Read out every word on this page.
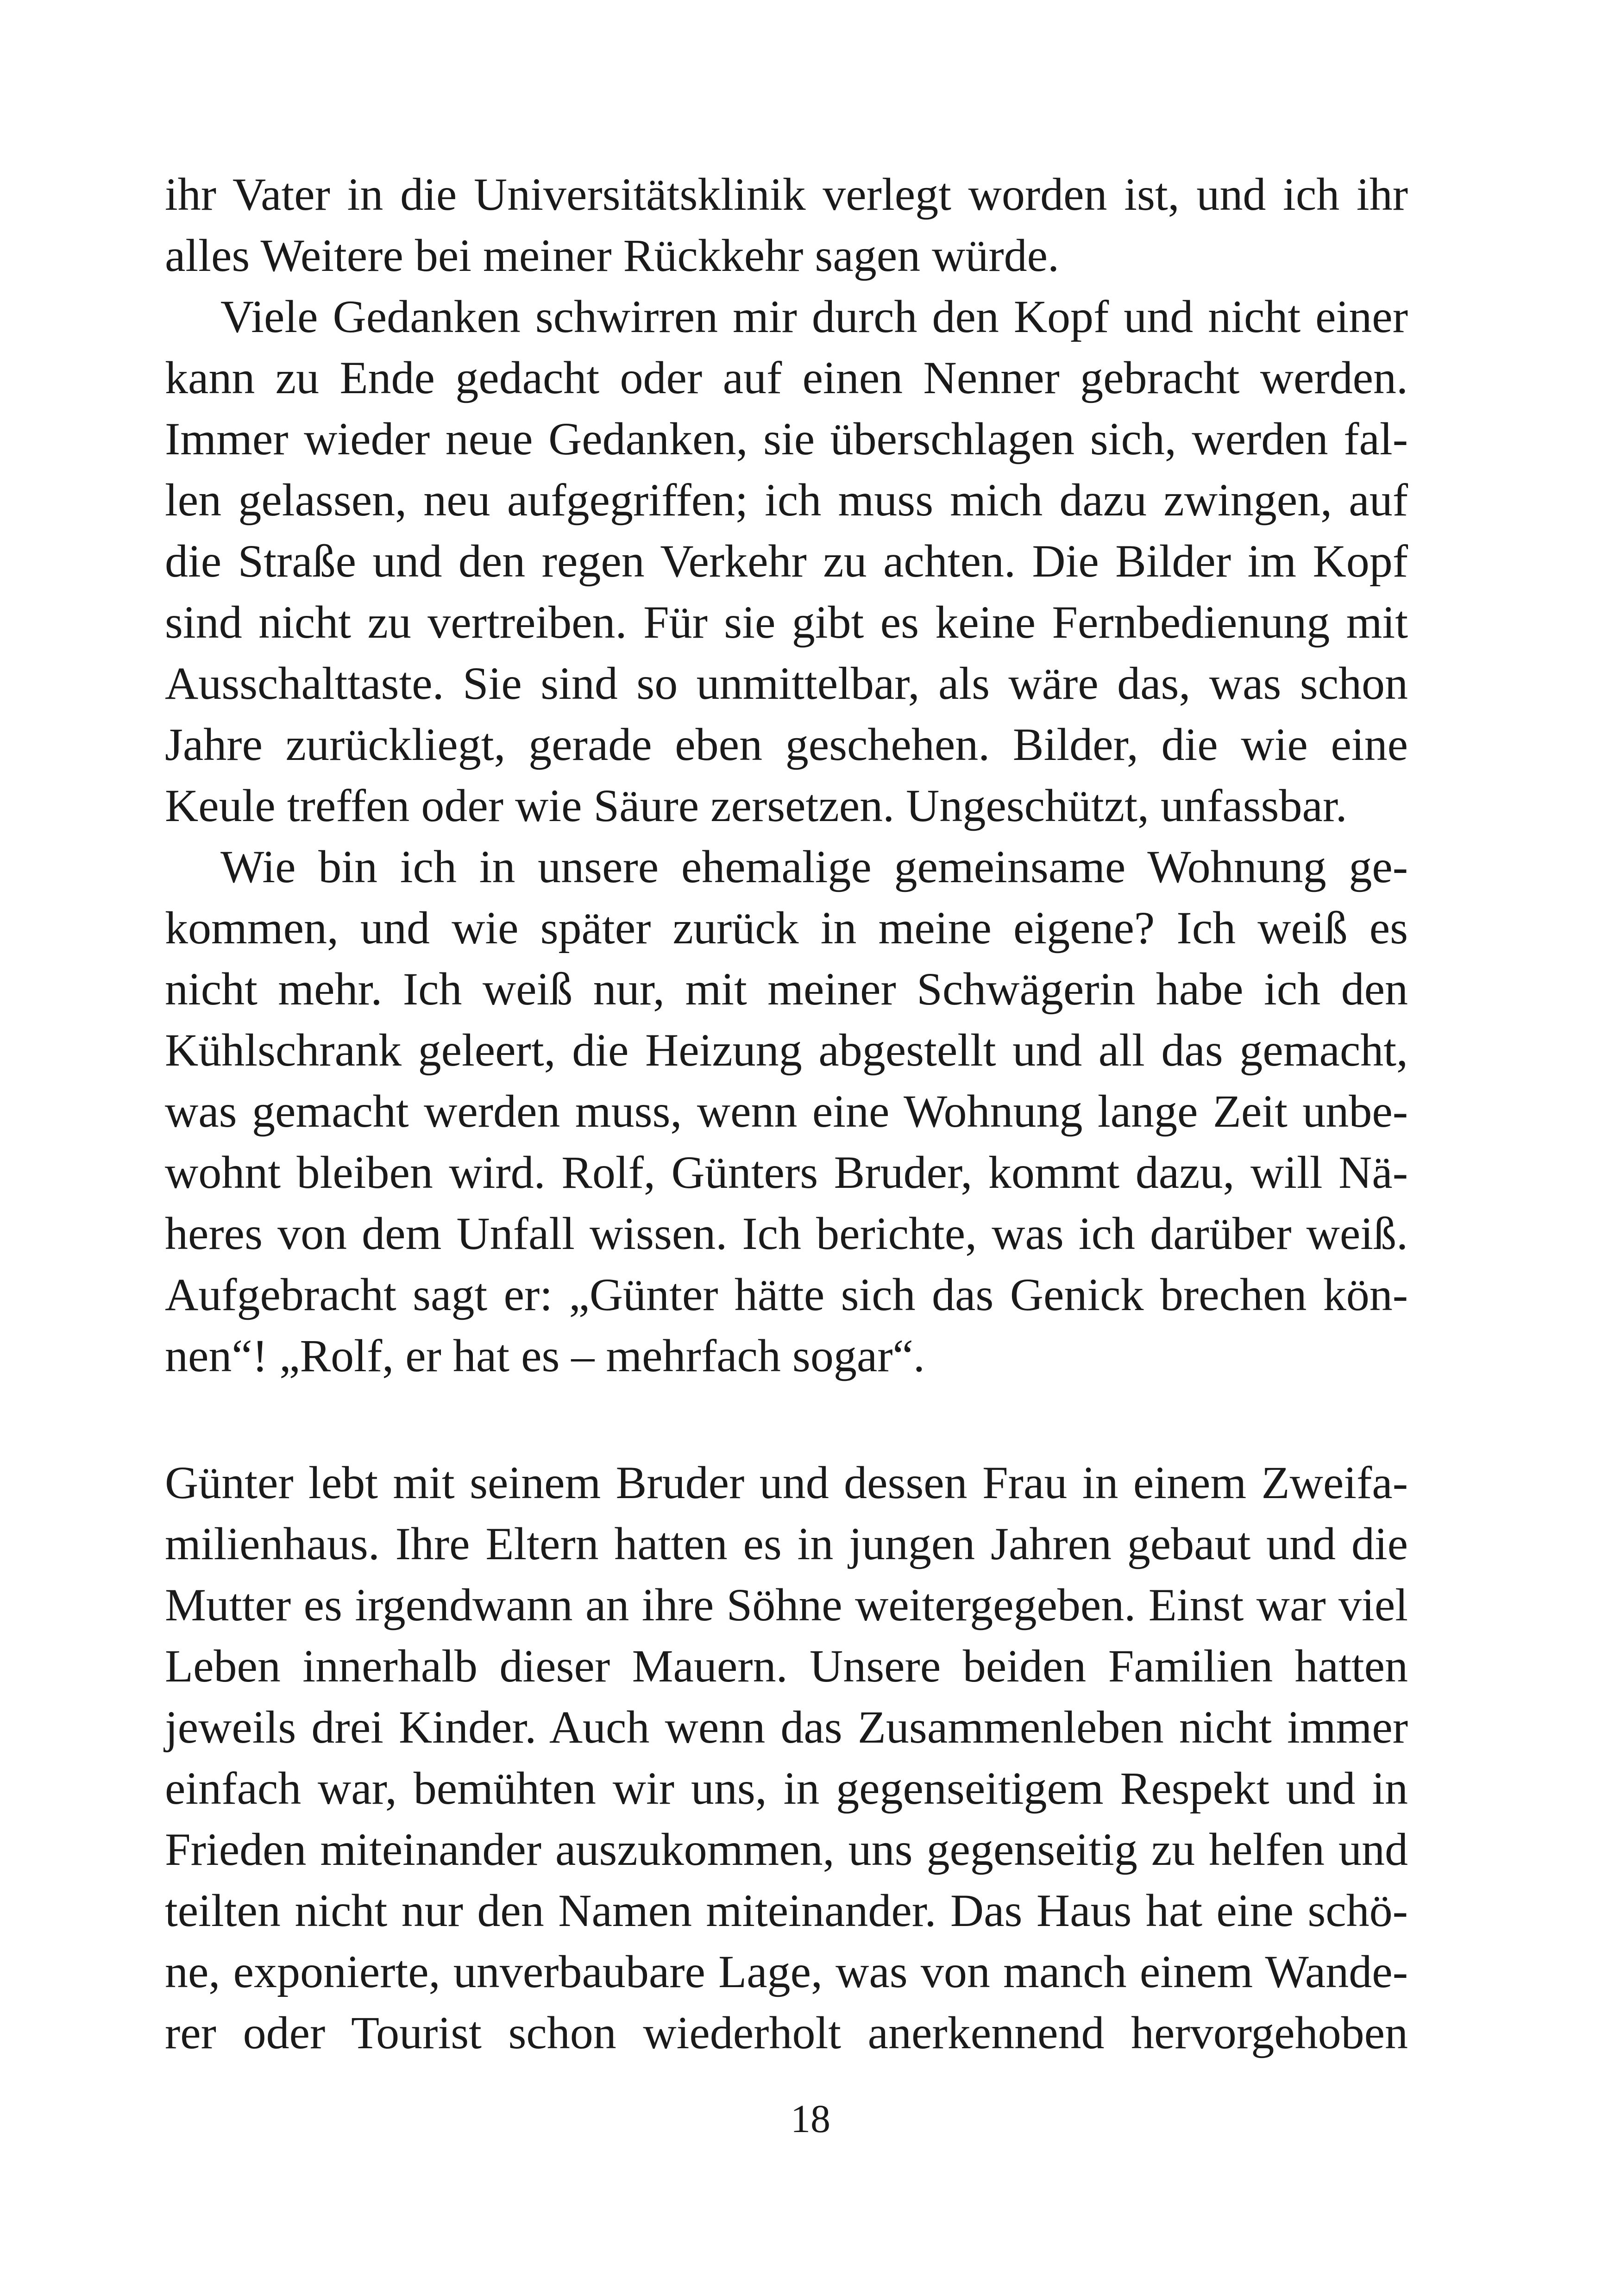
ihr Vater in die Universitätsklinik verlegt worden ist, und ich ihr
alles Weitere bei meiner Rückkehr sagen würde.
Viele Gedanken schwirren mir durch den Kopf und nicht einer
kann zu Ende gedacht oder auf einen Nenner gebracht werden.
Immer wieder neue Gedanken, sie überschlagen sich, werden fal-
len gelassen, neu aufgegriffen; ich muss mich dazu zwingen, auf
die Straße und den regen Verkehr zu achten. Die Bilder im Kopf
sind nicht zu vertreiben. Für sie gibt es keine Fernbedienung mit
Ausschalttaste. Sie sind so unmittelbar, als wäre das, was schon
Jahre zurückliegt, gerade eben geschehen. Bilder, die wie eine
Keule treffen oder wie Säure zersetzen. Ungeschützt, unfassbar.
Wie bin ich in unsere ehemalige gemeinsame Wohnung ge-
kommen, und wie später zurück in meine eigene? Ich weiß es
nicht mehr. Ich weiß nur, mit meiner Schwägerin habe ich den
Kühlschrank geleert, die Heizung abgestellt und all das gemacht,
was gemacht werden muss, wenn eine Wohnung lange Zeit unbe-
wohnt bleiben wird. Rolf, Günters Bruder, kommt dazu, will Nä-
heres von dem Unfall wissen. Ich berichte, was ich darüber weiß.
Aufgebracht sagt er: „Günter hätte sich das Genick brechen kön-
nen“! „Rolf, er hat es – mehrfach sogar“.
Günter lebt mit seinem Bruder und dessen Frau in einem Zweifa-
milienhaus. Ihre Eltern hatten es in jungen Jahren gebaut und die
Mutter es irgendwann an ihre Söhne weitergegeben. Einst war viel
Leben innerhalb dieser Mauern. Unsere beiden Familien hatten
jeweils drei Kinder. Auch wenn das Zusammenleben nicht immer
einfach war, bemühten wir uns, in gegenseitigem Respekt und in
Frieden miteinander auszukommen, uns gegenseitig zu helfen und
teilten nicht nur den Namen miteinander. Das Haus hat eine schö-
ne, exponierte, unverbaubare Lage, was von manch einem Wande-
rer oder Tourist schon wiederholt anerkennend hervorgehoben
18
